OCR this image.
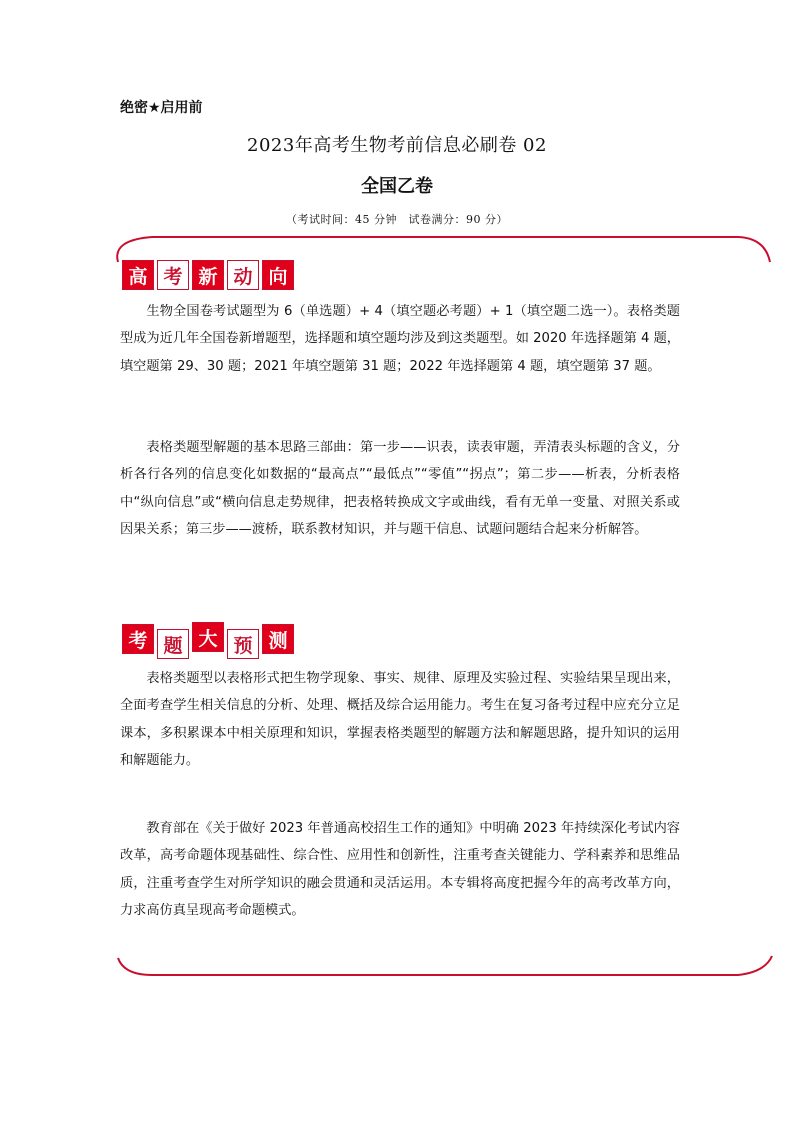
绝密★启用前
2023年高考生物考前信息必刷卷 02
全国乙卷
（考试时间：45 分钟　试卷满分：90 分）
高 考 新 动 向

生物全国卷考试题型为 6（单选题）+ 4（填空题必考题）+ 1（填空题二选一）。表格类题型成为近几年全国卷新增题型，选择题和填空题均涉及到这类题型。如 2020 年选择题第 4 题，填空题第 29、30 题；2021 年填空题第 31 题；2022 年选择题第 4 题，填空题第 37 题。

表格类题型解题的基本思路三部曲：第一步——识表，读表审题，弄清表头标题的含义，分析各行各列的信息变化如数据的“最高点”“最低点”“零值”“拐点”；第二步——析表，分析表格中“纵向信息”或“横向信息走势规律，把表格转换成文字或曲线，看有无单一变量、对照关系或因果关系；第三步——渡桥，联系教材知识，并与题干信息、试题问题结合起来分析解答。

考 题 大 预 测

表格类题型以表格形式把生物学现象、事实、规律、原理及实验过程、实验结果呈现出来，全面考查学生相关信息的分析、处理、概括及综合运用能力。考生在复习备考过程中应充分立足课本，多积累课本中相关原理和知识，掌握表格类题型的解题方法和解题思路，提升知识的运用和解题能力。

教育部在《关于做好 2023 年普通高校招生工作的通知》中明确 2023 年持续深化考试内容改革，高考命题体现基础性、综合性、应用性和创新性，注重考查关键能力、学科素养和思维品质，注重考查学生对所学知识的融会贯通和灵活运用。本专辑将高度把握今年的高考改革方向，力求高仿真呈现高考命题模式。
